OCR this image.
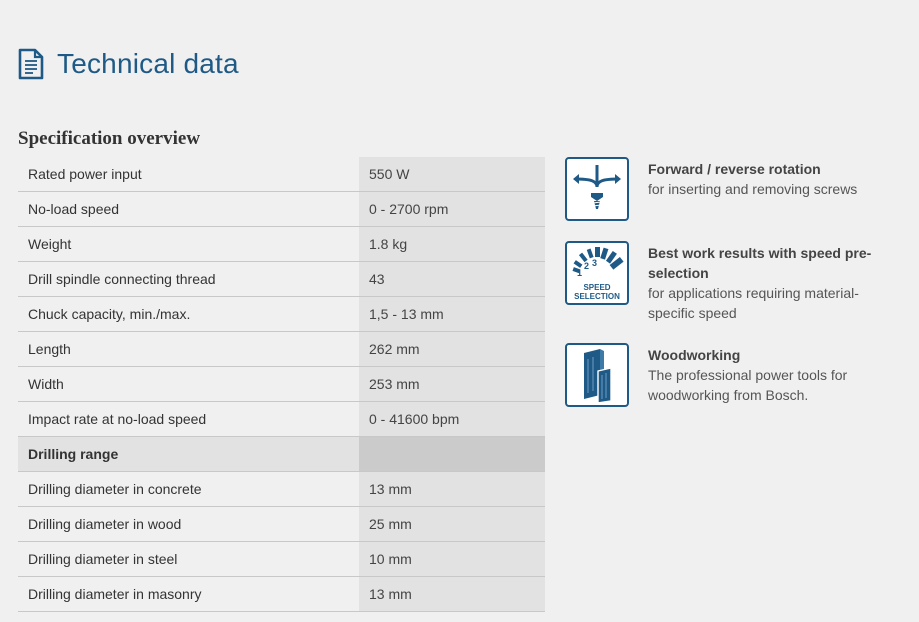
Technical data
Specification overview
Rated power input	550 W
No-load speed	0 - 2700 rpm
Weight	1.8 kg
Drill spindle connecting thread	43
Chuck capacity, min./max.	1,5 - 13 mm
Length	262 mm
Width	253 mm
Impact rate at no-load speed	0 - 41600 bpm
Drilling range	
Drilling diameter in concrete	13 mm
Drilling diameter in wood	25 mm
Drilling diameter in steel	10 mm
Drilling diameter in masonry	13 mm
Forward / reverse rotation
for inserting and removing screws
1
2 3
SPEED
SELECTION
Best work results with speed pre-selection
for applications requiring material-specific speed
Woodworking
The professional power tools for woodworking from Bosch.
